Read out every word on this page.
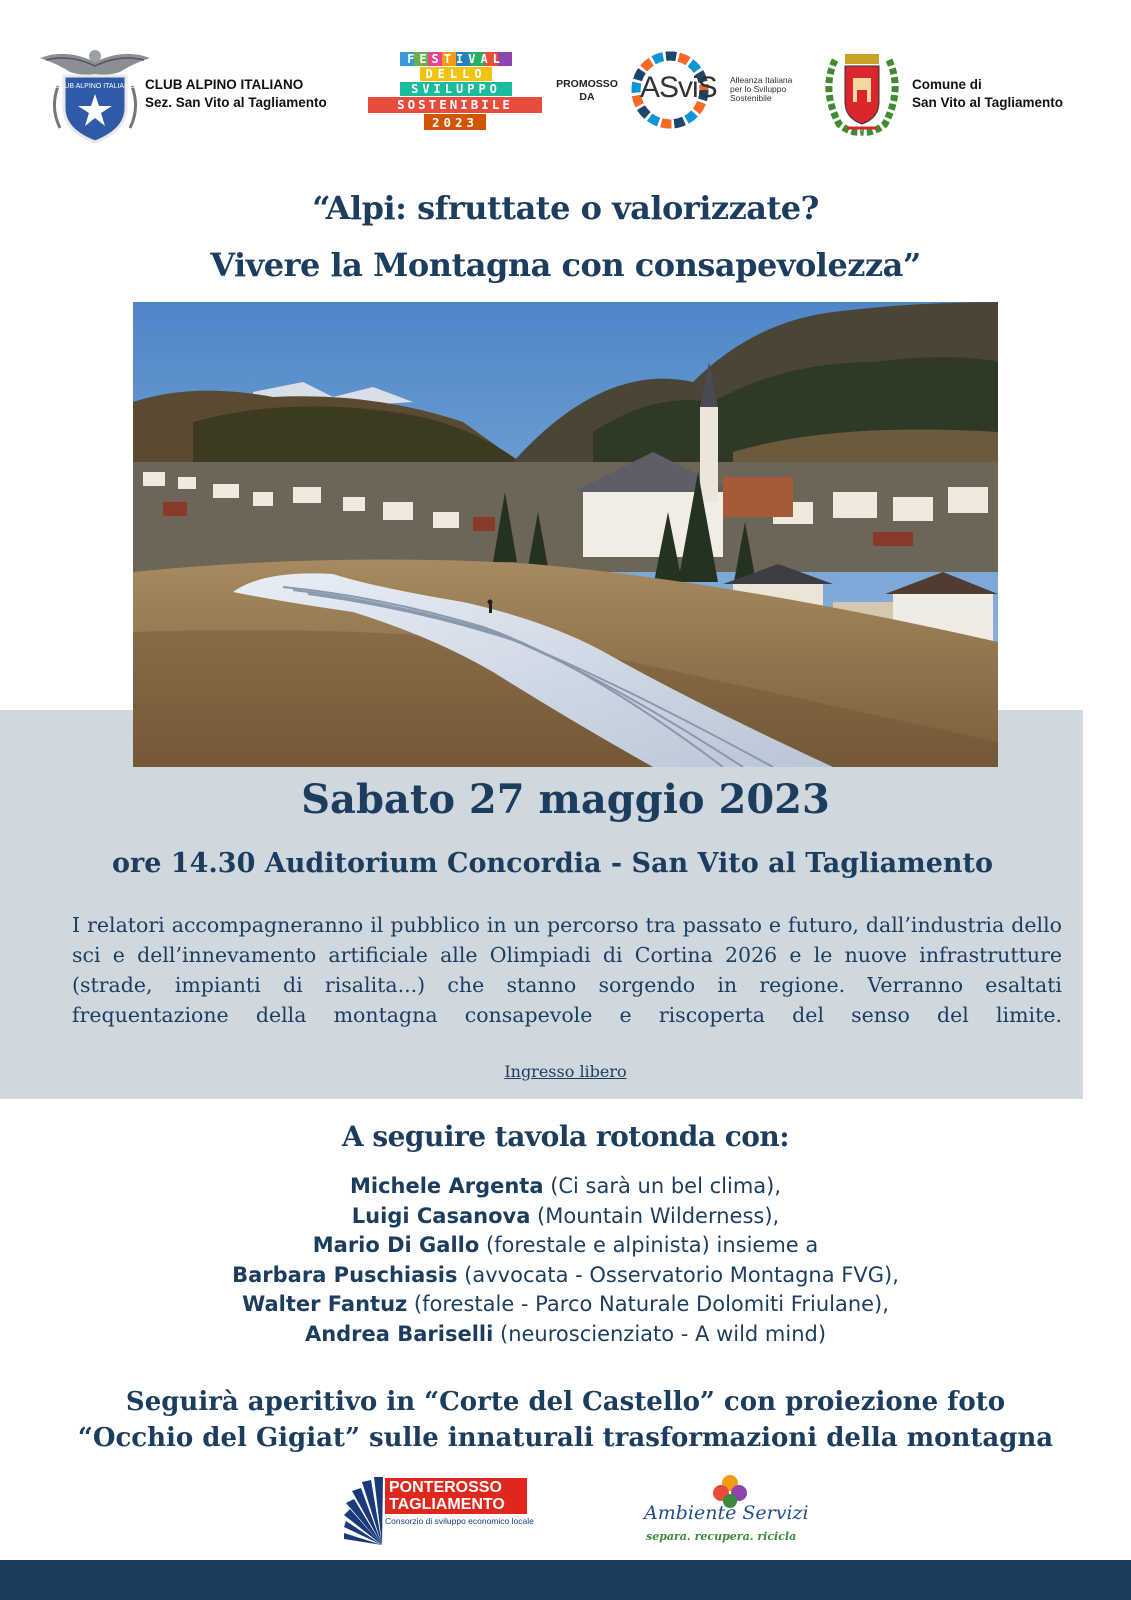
CLUB ALPINO ITALIANO CLUB ALPINO ITALIANO
Sez. San Vito al Tagliamento
FESTIVAL
DELLO
SVILUPPO
SOSTENIBILE
2023
PROMOSSO
DA	ASviS Alleanza Italiana
per lo Sviluppo
Sostenibile
Comune di
San Vito al Tagliamento
“Alpi: sfruttate o valorizzate?
Vivere la Montagna con consapevolezza”
Sabato 27 maggio 2023
ore 14.30 Auditorium Concordia - San Vito al Tagliamento

I relatori accompagneranno il pubblico in un percorso tra passato e futuro, dall’industria dello sci e dell’innevamento artificiale alle Olimpiadi di Cortina 2026 e le nuove infrastrutture (strade, impianti di risalita...) che stanno sorgendo in regione. Verranno esaltati frequentazione della montagna consapevole e riscoperta del senso del limite.

Ingresso libero
A seguire tavola rotonda con:
Michele Argenta (Ci sarà un bel clima),
Luigi Casanova (Mountain Wilderness),
Mario Di Gallo (forestale e alpinista) insieme a
Barbara Puschiasis (avvocata - Osservatorio Montagna FVG),
Walter Fantuz (forestale - Parco Naturale Dolomiti Friulane),
Andrea Bariselli (neuroscienziato - A wild mind)
Seguirà aperitivo in “Corte del Castello” con proiezione foto
“Occhio del Gigiat” sulle innaturali trasformazioni della montagna
PONTEROSSO
TAGLIAMENTO
Consorzio di sviluppo economico locale	Ambiente Servizi
separa. recupera. ricicla
